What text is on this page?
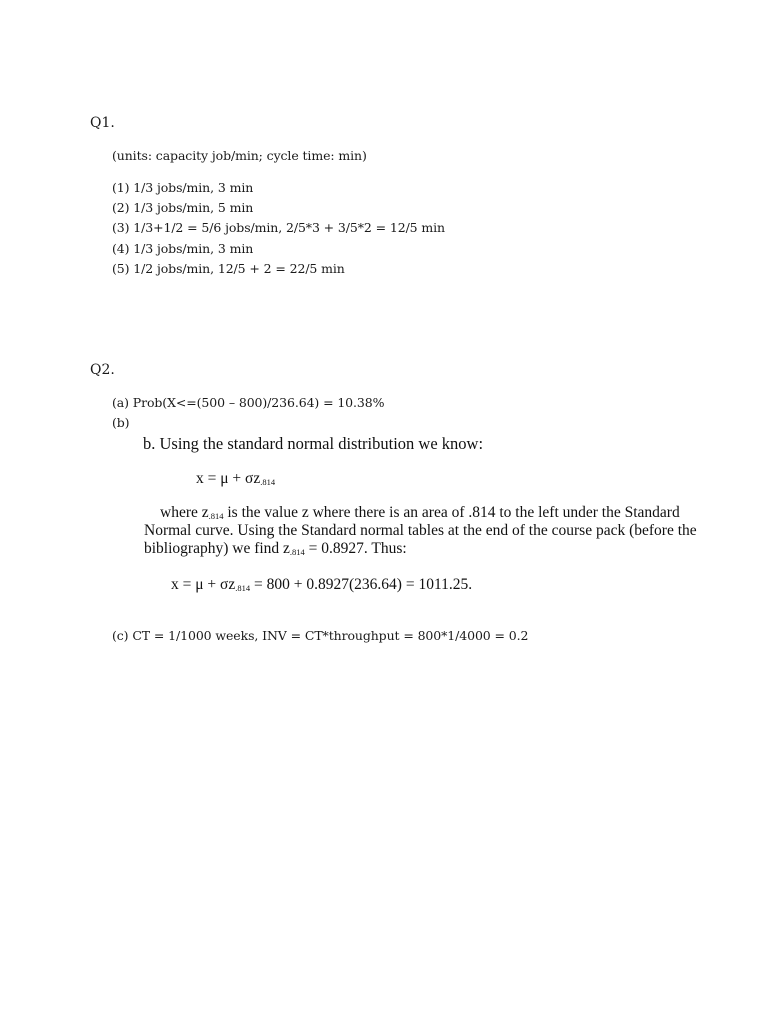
Q1.
(units: capacity job/min; cycle time: min)
(1) 1/3 jobs/min, 3 min
(2) 1/3 jobs/min, 5 min
(3) 1/3+1/2 = 5/6 jobs/min, 2/5*3 + 3/5*2 = 12/5 min
(4) 1/3 jobs/min, 3 min
(5) 1/2 jobs/min, 12/5 + 2 = 22/5 min
Q2.
(a) Prob(X<=(500 – 800)/236.64) = 10.38%
(b)
b. Using the standard normal distribution we know:
$x = \mu + \sigma z_{.814}$
where $z_{.814}$ is the value z where there is an area of .814 to the left under the Standard
Normal curve. Using the Standard normal tables at the end of the course pack (before the
bibliography) we find $z_{.814} = 0.8927$. Thus:
$x = \mu + \sigma z_{.814} = 800 + 0.8927(236.64) = 1011.25$.
(c) CT = 1/1000 weeks, INV = CT*throughput = 800*1/4000 = 0.2
